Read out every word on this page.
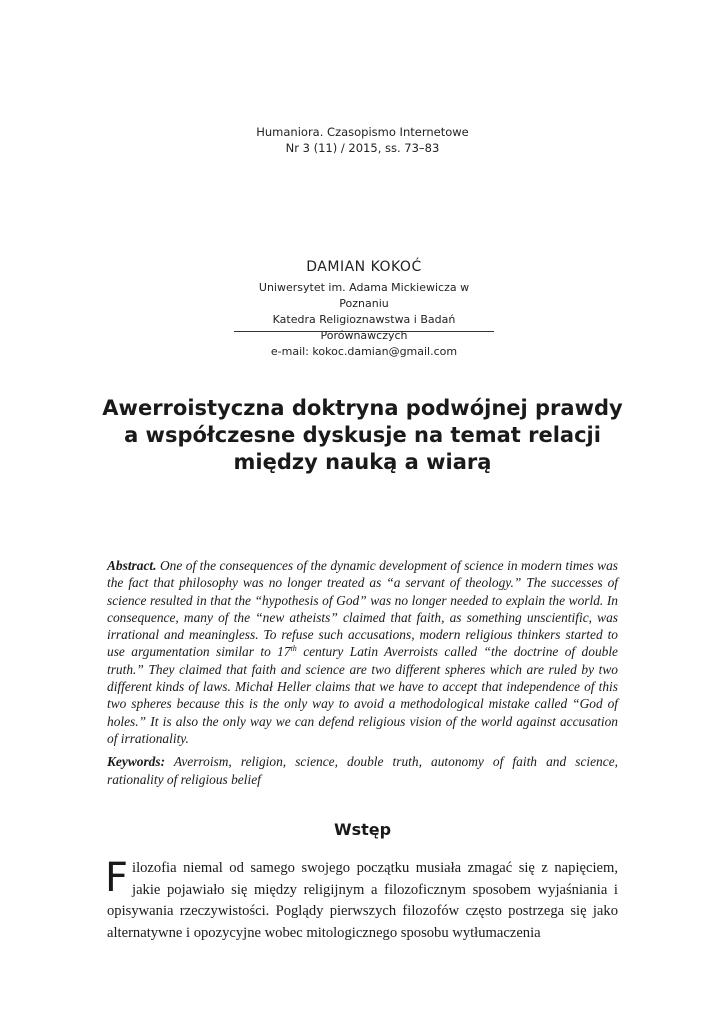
Humaniora. Czasopismo Internetowe
Nr 3 (11) / 2015, ss. 73–83
DAMIAN KOKOĆ
Uniwersytet im. Adama Mickiewicza w Poznaniu
Katedra Religioznawstwa i Badań Porównawczych
e-mail: kokoc.damian@gmail.com
Awerroistyczna doktryna podwójnej prawdy
a współczesne dyskusje na temat relacji
między nauką a wiarą

Abstract. One of the consequences of the dynamic development of science in modern times was the fact that philosophy was no longer treated as “a servant of theology.” The successes of science resulted in that the “hypothesis of God” was no longer needed to explain the world. In consequence, many of the “new atheists” claimed that faith, as something unscientific, was irrational and meaningless. To refuse such accusations, modern religious thinkers started to use argumentation similar to 17th century Latin Averroists called “the doctrine of double truth.” They claimed that faith and science are two different spheres which are ruled by two different kinds of laws. Michał Heller claims that we have to accept that independence of this two spheres because this is the only way to avoid a methodological mistake called “God of holes.” It is also the only way we can defend religious vision of the world against accusation of irrationality.

Keywords: Averroism, religion, science, double truth, autonomy of faith and science, rationality of religious belief

Wstęp

Filozofia niemal od samego swojego początku musiała zmagać się z napięciem, jakie pojawiało się między religijnym a filozoficznym sposobem wyjaśniania i opisywania rzeczywistości. Poglądy pierwszych filozofów często postrzega się jako alternatywne i opozycyjne wobec mitologicznego sposobu wytłumaczenia
